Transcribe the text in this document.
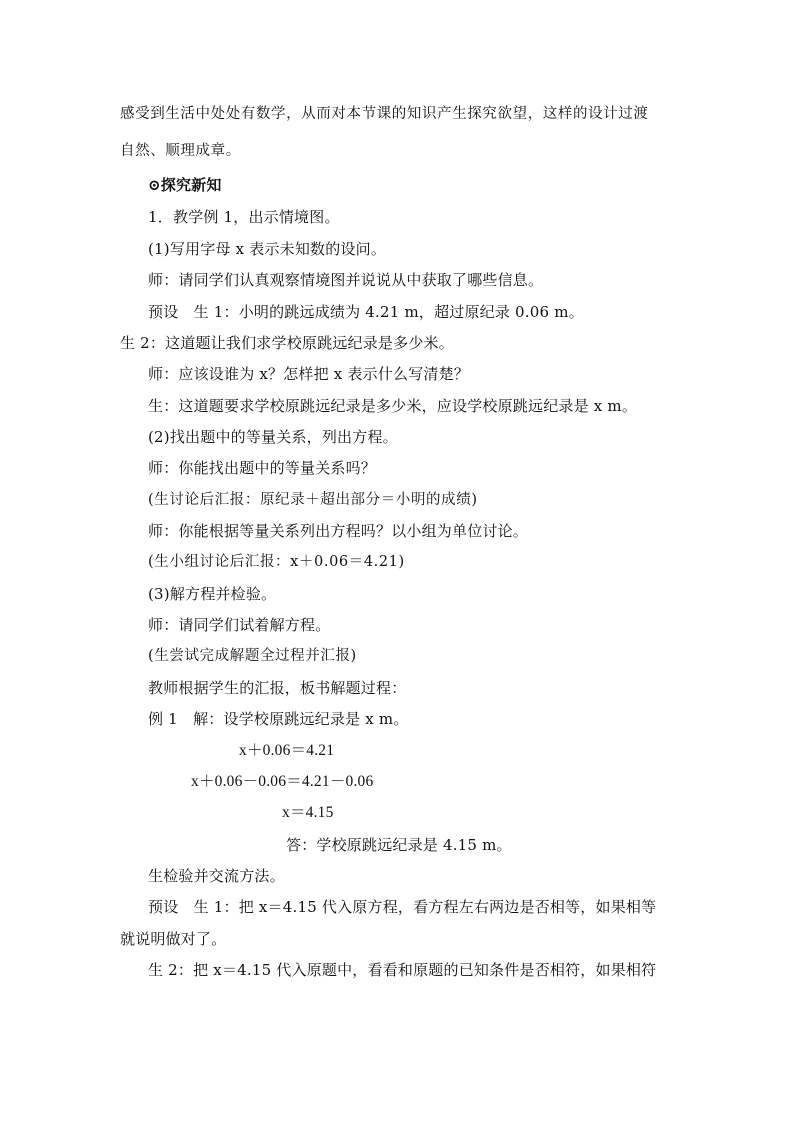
感受到生活中处处有数学，从而对本节课的知识产生探究欲望，这样的设计过渡
自然、顺理成章。
⊙探究新知
1．教学例 1，出示情境图。
(1)写用字母 x 表示未知数的设问。
师：请同学们认真观察情境图并说说从中获取了哪些信息。
预设　生 1：小明的跳远成绩为 4.21 m，超过原纪录 0.06 m。
生 2：这道题让我们求学校原跳远纪录是多少米。
师：应该设谁为 x？怎样把 x 表示什么写清楚？
生：这道题要求学校原跳远纪录是多少米，应设学校原跳远纪录是 x m。
(2)找出题中的等量关系，列出方程。
师：你能找出题中的等量关系吗？
(生讨论后汇报：原纪录＋超出部分＝小明的成绩)
师：你能根据等量关系列出方程吗？以小组为单位讨论。
(生小组讨论后汇报：x＋0.06＝4.21)
(3)解方程并检验。
师：请同学们试着解方程。
(生尝试完成解题全过程并汇报)
教师根据学生的汇报，板书解题过程：
例 1　解：设学校原跳远纪录是 x m。
x＋0.06＝4.21
x＋0.06－0.06＝4.21－0.06
x＝4.15
答：学校原跳远纪录是 4.15 m。
生检验并交流方法。
预设　生 1：把 x＝4.15 代入原方程，看方程左右两边是否相等，如果相等
就说明做对了。
生 2：把 x＝4.15 代入原题中，看看和原题的已知条件是否相符，如果相符
